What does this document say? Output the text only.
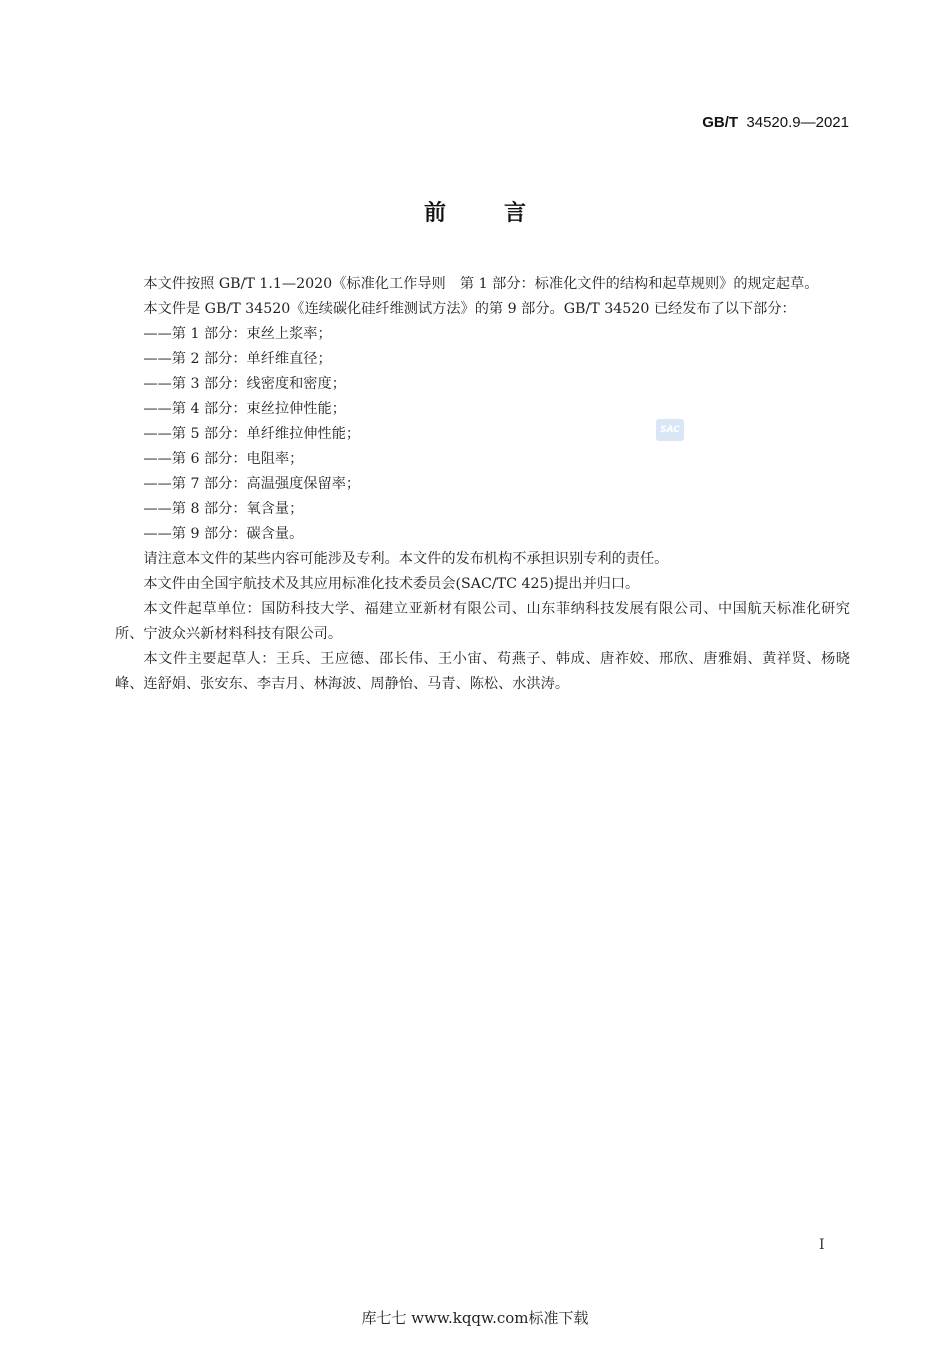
GB/T 34520.9—2021
前言
SAC

本文件按照 GB/T 1.1—2020《标准化工作导则　第 1 部分：标准化文件的结构和起草规则》的规定起草。

本文件是 GB/T 34520《连续碳化硅纤维测试方法》的第 9 部分。GB/T 34520 已经发布了以下部分：

——第 1 部分：束丝上浆率；

——第 2 部分：单纤维直径；

——第 3 部分：线密度和密度；

——第 4 部分：束丝拉伸性能；

——第 5 部分：单纤维拉伸性能；

——第 6 部分：电阻率；

——第 7 部分：高温强度保留率；

——第 8 部分：氧含量；

——第 9 部分：碳含量。

请注意本文件的某些内容可能涉及专利。本文件的发布机构不承担识别专利的责任。

本文件由全国宇航技术及其应用标准化技术委员会(SAC/TC 425)提出并归口。

本文件起草单位：国防科技大学、福建立亚新材有限公司、山东菲纳科技发展有限公司、中国航天标准化研究所、宁波众兴新材料科技有限公司。

本文件主要起草人：王兵、王应德、邵长伟、王小宙、苟燕子、韩成、唐祚姣、邢欣、唐雅娟、黄祥贤、杨晓峰、连舒娟、张安东、李吉月、林海波、周静怡、马青、陈松、水洪涛。

I
库七七 www.kqqw.com标准下载
